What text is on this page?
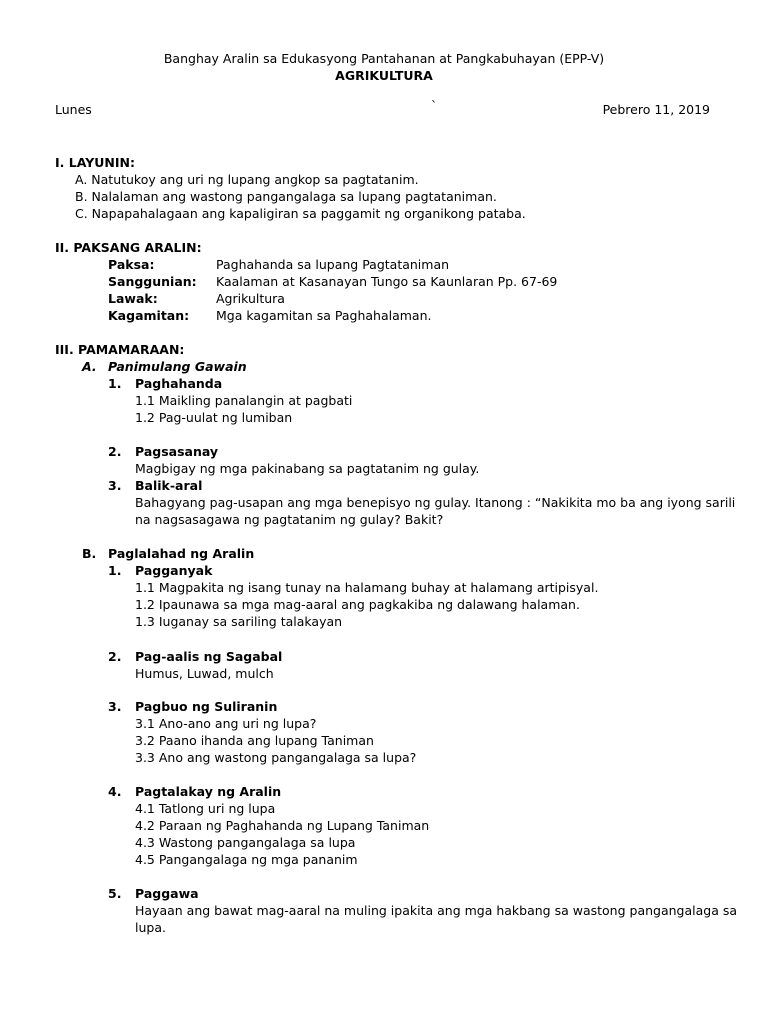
Banghay Aralin sa Edukasyong Pantahanan at Pangkabuhayan (EPP-V)
AGRIKULTURA
Lunes	`	Pebrero 11, 2019
I. LAYUNIN:
A. Natutukoy ang uri ng lupang angkop sa pagtatanim.
B. Nalalaman ang wastong pangangalaga sa lupang pagtataniman.
C. Napapahalagaan ang kapaligiran sa paggamit ng organikong pataba.
II. PAKSANG ARALIN:
Paksa:	Paghahanda sa lupang Pagtataniman
Sanggunian: Kaalaman at Kasanayan Tungo sa Kaunlaran Pp. 67-69
Lawak:	Agrikultura
Kagamitan: Mga kagamitan sa Paghahalaman.
III. PAMAMARAAN:
A. Panimulang Gawain
1. Paghahanda
1.1 Maikling panalangin at pagbati
1.2 Pag-uulat ng lumiban
2. Pagsasanay
Magbigay ng mga pakinabang sa pagtatanim ng gulay.
3. Balik-aral
Bahagyang pag-usapan ang mga benepisyo ng gulay. Itanong : “Nakikita mo ba ang iyong sarili
na nagsasagawa ng pagtatanim ng gulay? Bakit?
B. Paglalahad ng Aralin
1. Pagganyak
1.1 Magpakita ng isang tunay na halamang buhay at halamang artipisyal.
1.2 Ipaunawa sa mga mag-aaral ang pagkakiba ng dalawang halaman.
1.3 Iuganay sa sariling talakayan
2. Pag-aalis ng Sagabal
Humus, Luwad, mulch
3. Pagbuo ng Suliranin
3.1 Ano-ano ang uri ng lupa?
3.2 Paano ihanda ang lupang Taniman
3.3 Ano ang wastong pangangalaga sa lupa?
4. Pagtalakay ng Aralin
4.1 Tatlong uri ng lupa
4.2 Paraan ng Paghahanda ng Lupang Taniman
4.3 Wastong pangangalaga sa lupa
4.5 Pangangalaga ng mga pananim
5. Paggawa
Hayaan ang bawat mag-aaral na muling ipakita ang mga hakbang sa wastong pangangalaga sa
lupa.
